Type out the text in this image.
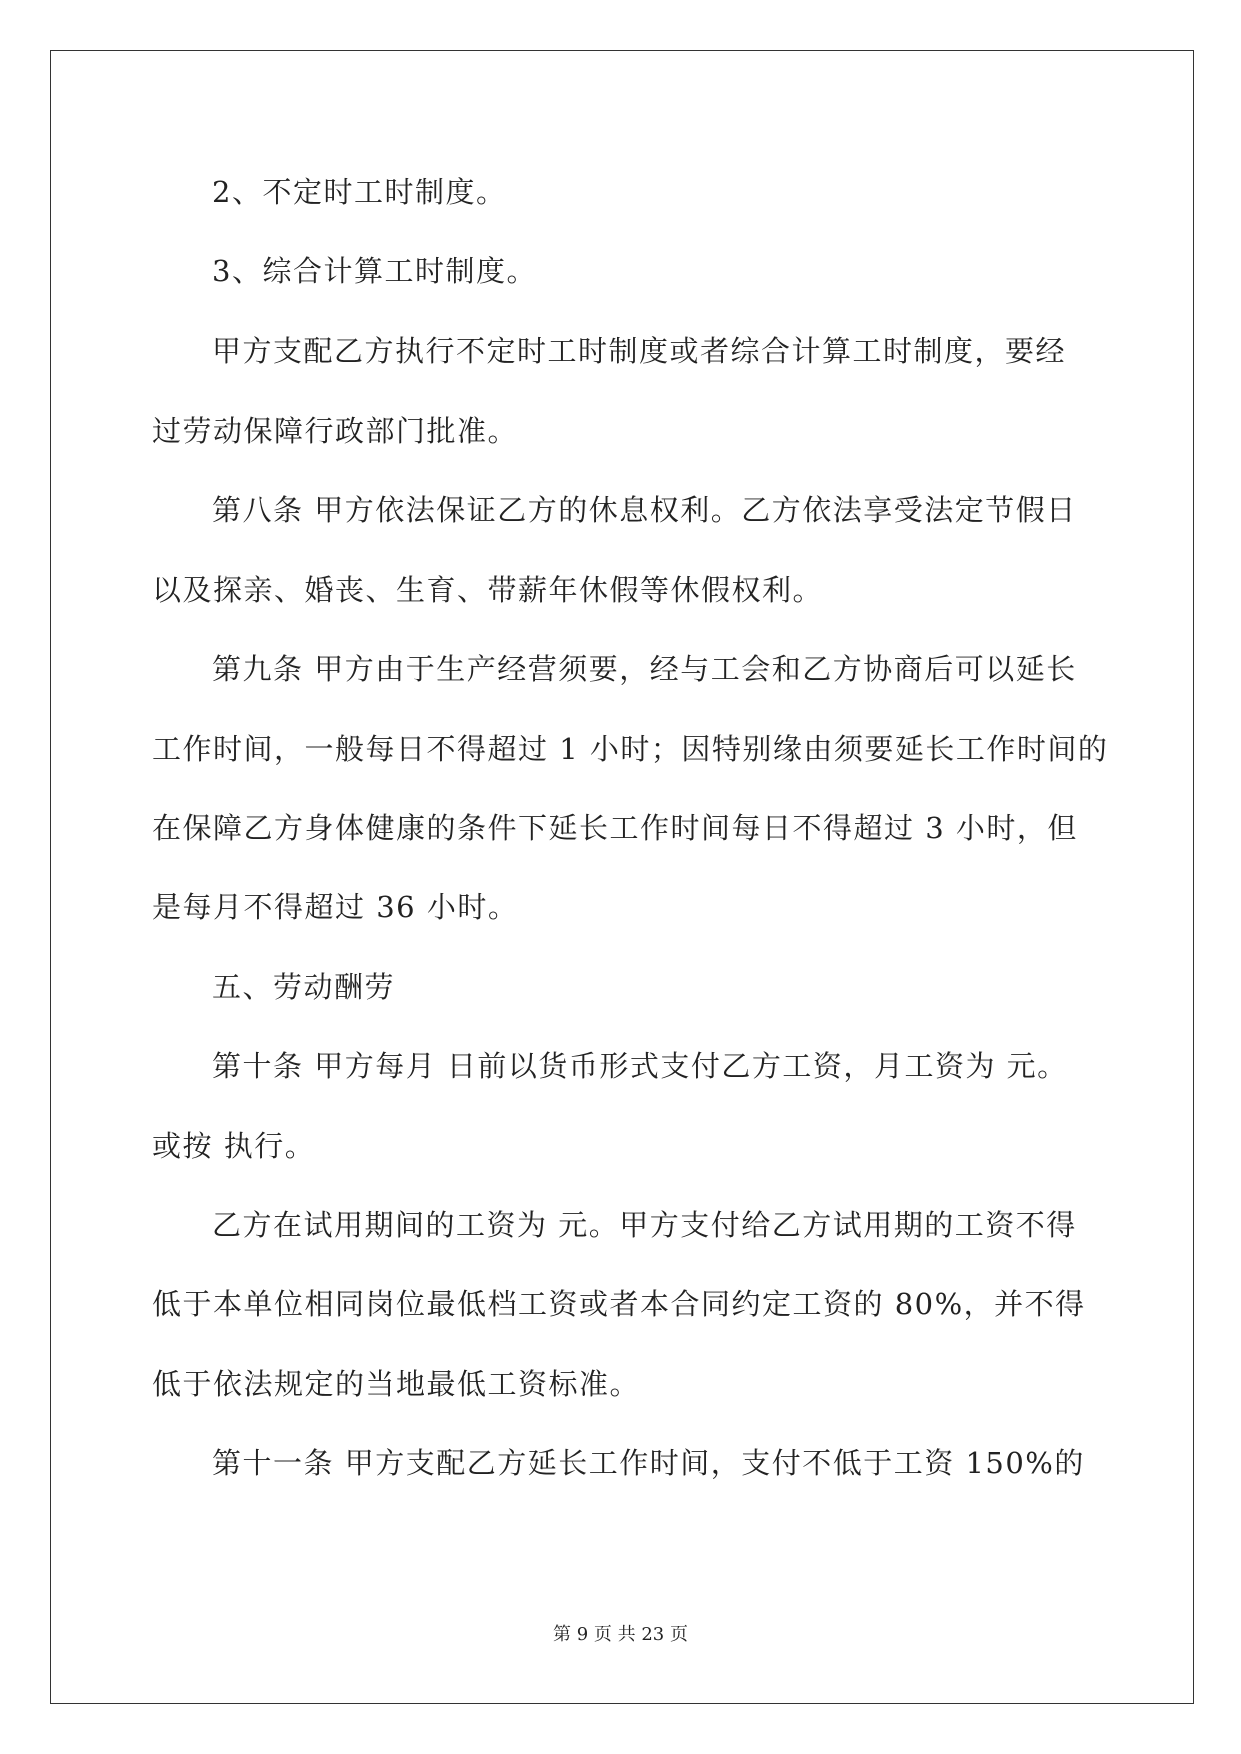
2、不定时工时制度。
3、综合计算工时制度。
甲方支配乙方执行不定时工时制度或者综合计算工时制度，要经
过劳动保障行政部门批准。
第八条 甲方依法保证乙方的休息权利。乙方依法享受法定节假日
以及探亲、婚丧、生育、带薪年休假等休假权利。
第九条 甲方由于生产经营须要，经与工会和乙方协商后可以延长
工作时间，一般每日不得超过 1 小时；因特别缘由须要延长工作时间的
在保障乙方身体健康的条件下延长工作时间每日不得超过 3 小时，但
是每月不得超过 36 小时。
五、劳动酬劳
第十条 甲方每月 日前以货币形式支付乙方工资，月工资为 元。
或按 执行。
乙方在试用期间的工资为 元。甲方支付给乙方试用期的工资不得
低于本单位相同岗位最低档工资或者本合同约定工资的 80%，并不得
低于依法规定的当地最低工资标准。
第十一条 甲方支配乙方延长工作时间，支付不低于工资 150%的
第 9 页 共 23 页
